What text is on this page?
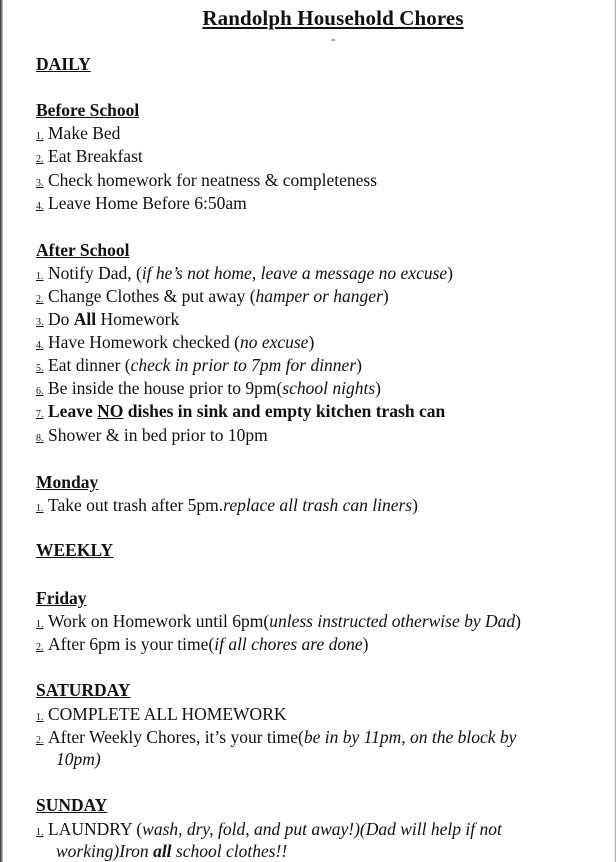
Randolph Household Chores
-
DAILY
Before School
1. Make Bed
2. Eat Breakfast
3. Check homework for neatness & completeness
4. Leave Home Before 6:50am
After School
1. Notify Dad, (if he’s not home, leave a message no excuse)
2. Change Clothes & put away (hamper or hanger)
3. Do All Homework
4. Have Homework checked (no excuse)
5. Eat dinner (check in prior to 7pm for dinner)
6. Be inside the house prior to 9pm(school nights)
7. Leave NO dishes in sink and empty kitchen trash can
8. Shower & in bed prior to 10pm
Monday
1. Take out trash after 5pm.replace all trash can liners)
WEEKLY
Friday
1. Work on Homework until 6pm(unless instructed otherwise by Dad)
2. After 6pm is your time(if all chores are done)
SATURDAY
1. COMPLETE ALL HOMEWORK
2. After Weekly Chores, it’s your time(be in by 11pm, on the block by
10pm)
SUNDAY
1. LAUNDRY (wash, dry, fold, and put away!)(Dad will help if not
working)Iron all school clothes!!
